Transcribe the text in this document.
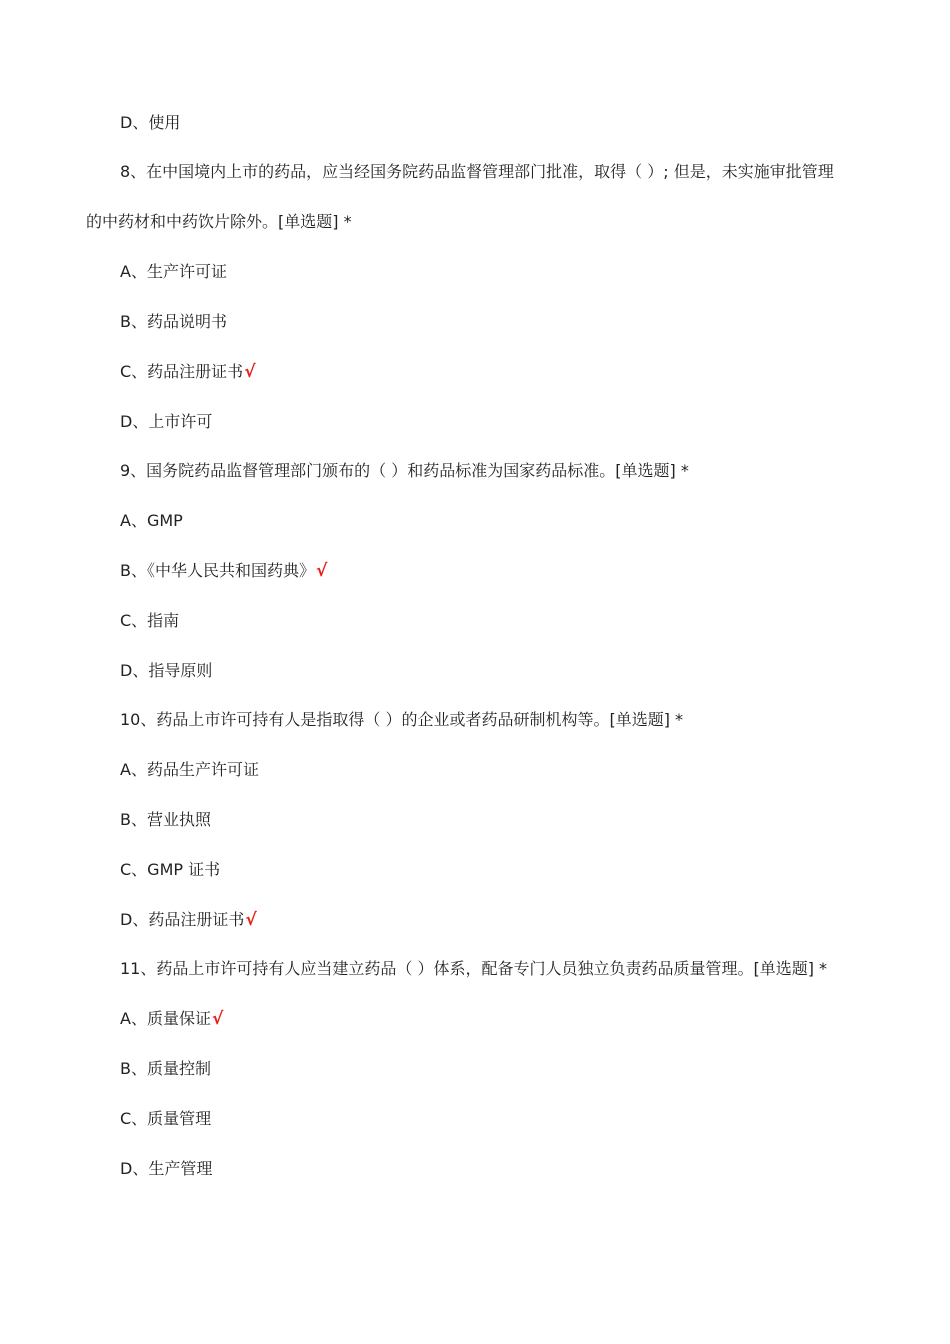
D、使用
8、在中国境内上市的药品，应当经国务院药品监督管理部门批准，取得（ ）; 但是，未实施审批管理
的中药材和中药饮片除外。[单选题] *
A、生产许可证
B、药品说明书
C、药品注册证书√
D、上市许可
9、国务院药品监督管理部门颁布的（ ）和药品标准为国家药品标准。[单选题] *
A、GMP
B、《中华人民共和国药典》√
C、指南
D、指导原则
10、药品上市许可持有人是指取得（ ）的企业或者药品研制机构等。[单选题] *
A、药品生产许可证
B、营业执照
C、GMP 证书
D、药品注册证书√
11、药品上市许可持有人应当建立药品（ ）体系，配备专门人员独立负责药品质量管理。[单选题] *
A、质量保证√
B、质量控制
C、质量管理
D、生产管理
